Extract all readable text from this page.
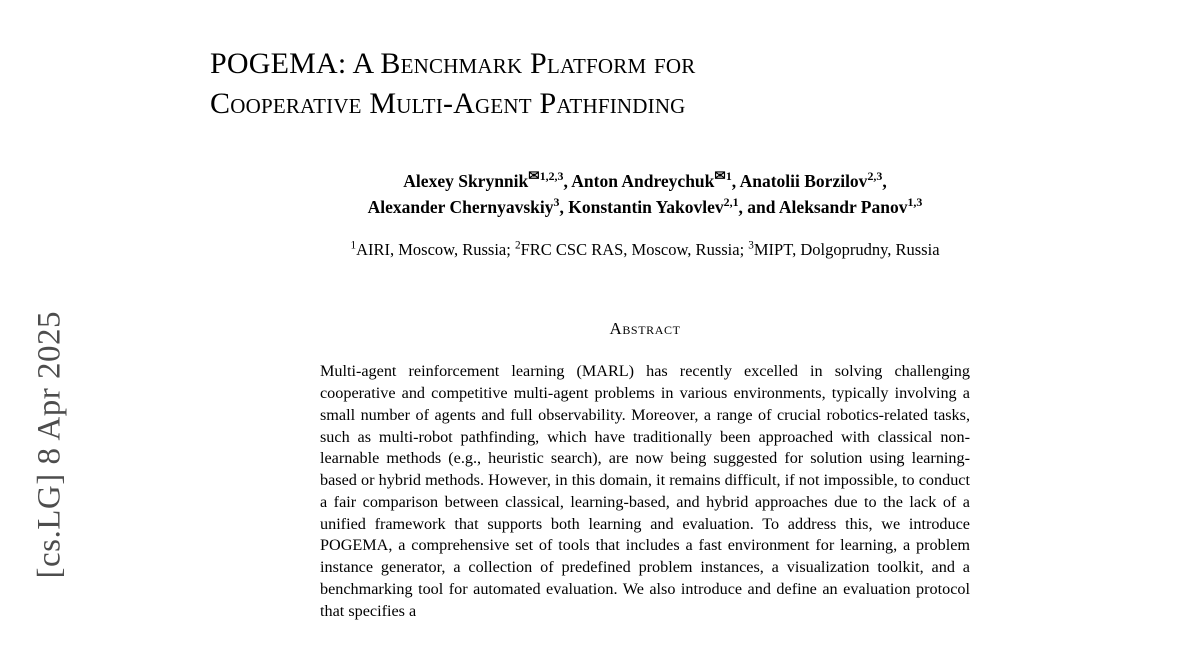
[cs.LG] 8 Apr 2025
POGEMA: A Benchmark Platform for
Cooperative Multi-Agent Pathfinding
Alexey Skrynnik$^{✉1,2,3}$, Anton Andreychuk$^{✉1}$, Anatolii Borzilov$^{2,3}$,
Alexander Chernyavskiy$^3$, Konstantin Yakovlev$^{2,1}$, and Aleksandr Panov$^{1,3}$
$^1$AIRI, Moscow, Russia; $^2$FRC CSC RAS, Moscow, Russia; $^3$MIPT, Dolgoprudny, Russia
Abstract
Multi-agent reinforcement learning (MARL) has recently excelled in solving challenging cooperative and competitive multi-agent problems in various environments, typically involving a small number of agents and full observability. Moreover, a range of crucial robotics-related tasks, such as multi-robot pathfinding, which have traditionally been approached with classical non-learnable methods (e.g., heuristic search), are now being suggested for solution using learning-based or hybrid methods. However, in this domain, it remains difficult, if not impossible, to conduct a fair comparison between classical, learning-based, and hybrid approaches due to the lack of a unified framework that supports both learning and evaluation. To address this, we introduce POGEMA, a comprehensive set of tools that includes a fast environment for learning, a problem instance generator, a collection of predefined problem instances, a visualization toolkit, and a benchmarking tool for automated evaluation. We also introduce and define an evaluation protocol that specifies a
